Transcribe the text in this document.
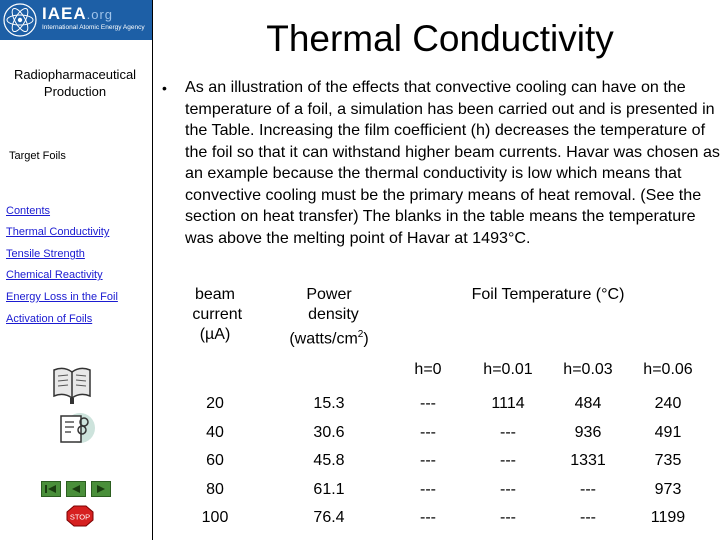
IAEA.org
International Atomic Energy Agency
Radiopharmaceutical Production
Target Foils
Contents
Thermal Conductivity
Tensile Strength
Chemical Reactivity
Energy Loss in the Foil
Activation of Foils
STOP
Thermal Conductivity
• As an illustration of the effects that convective cooling can have on the temperature of a foil, a simulation has been carried out and is presented in the Table. Increasing the film coefficient (h) decreases the temperature of the foil so that it can withstand higher beam currents. Havar was chosen as an example because the thermal conductivity is low which means that convective cooling must be the primary means of heat removal. (See the section on heat transfer) The blanks in the table means the temperature was above the melting point of Havar at 1493°C.
beam
current
(µA)	Power
density
$(watts/cm^2)$	Foil Temperature (°C)			
		h=0	h=0.01	h=0.03	h=0.06
20	15.3	---	1114	484	240
40	30.6	---	---	936	491
60	45.8	---	---	1331	735
80	61.1	---	---	---	973
100	76.4	---	---	---	1199
